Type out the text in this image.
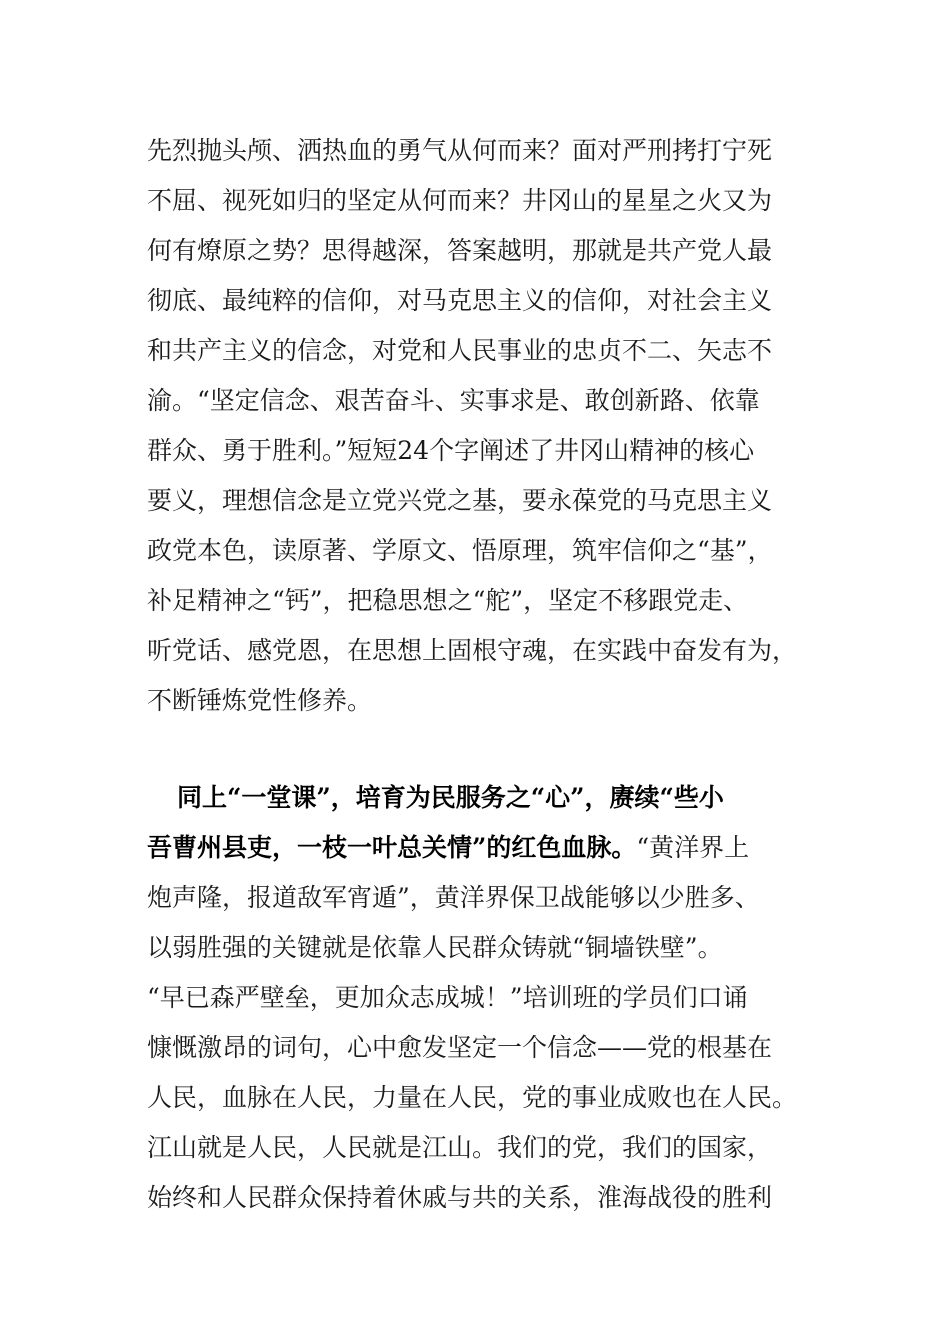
先烈抛头颅、洒热血的勇气从何而来？面对严刑拷打宁死
不屈、视死如归的坚定从何而来？井冈山的星星之火又为
何有燎原之势？思得越深，答案越明，那就是共产党人最
彻底、最纯粹的信仰，对马克思主义的信仰，对社会主义
和共产主义的信念，对党和人民事业的忠贞不二、矢志不
渝。“坚定信念、艰苦奋斗、实事求是、敢创新路、依靠
群众、勇于胜利。”短短24个字阐述了井冈山精神的核心
要义，理想信念是立党兴党之基，要永葆党的马克思主义
政党本色，读原著、学原文、悟原理，筑牢信仰之“基”，
补足精神之“钙”，把稳思想之“舵”，坚定不移跟党走、
听党话、感党恩，在思想上固根守魂，在实践中奋发有为，
不断锤炼党性修养。
同上“一堂课”，培育为民服务之“心”，赓续“些小
吾曹州县吏，一枝一叶总关情”的红色血脉。“黄洋界上
炮声隆，报道敌军宵遁”，黄洋界保卫战能够以少胜多、
以弱胜强的关键就是依靠人民群众铸就“铜墙铁壁”。
“早已森严壁垒，更加众志成城！”培训班的学员们口诵
慷慨激昂的词句，心中愈发坚定一个信念——党的根基在
人民，血脉在人民，力量在人民，党的事业成败也在人民。
江山就是人民，人民就是江山。我们的党，我们的国家，
始终和人民群众保持着休戚与共的关系，淮海战役的胜利
